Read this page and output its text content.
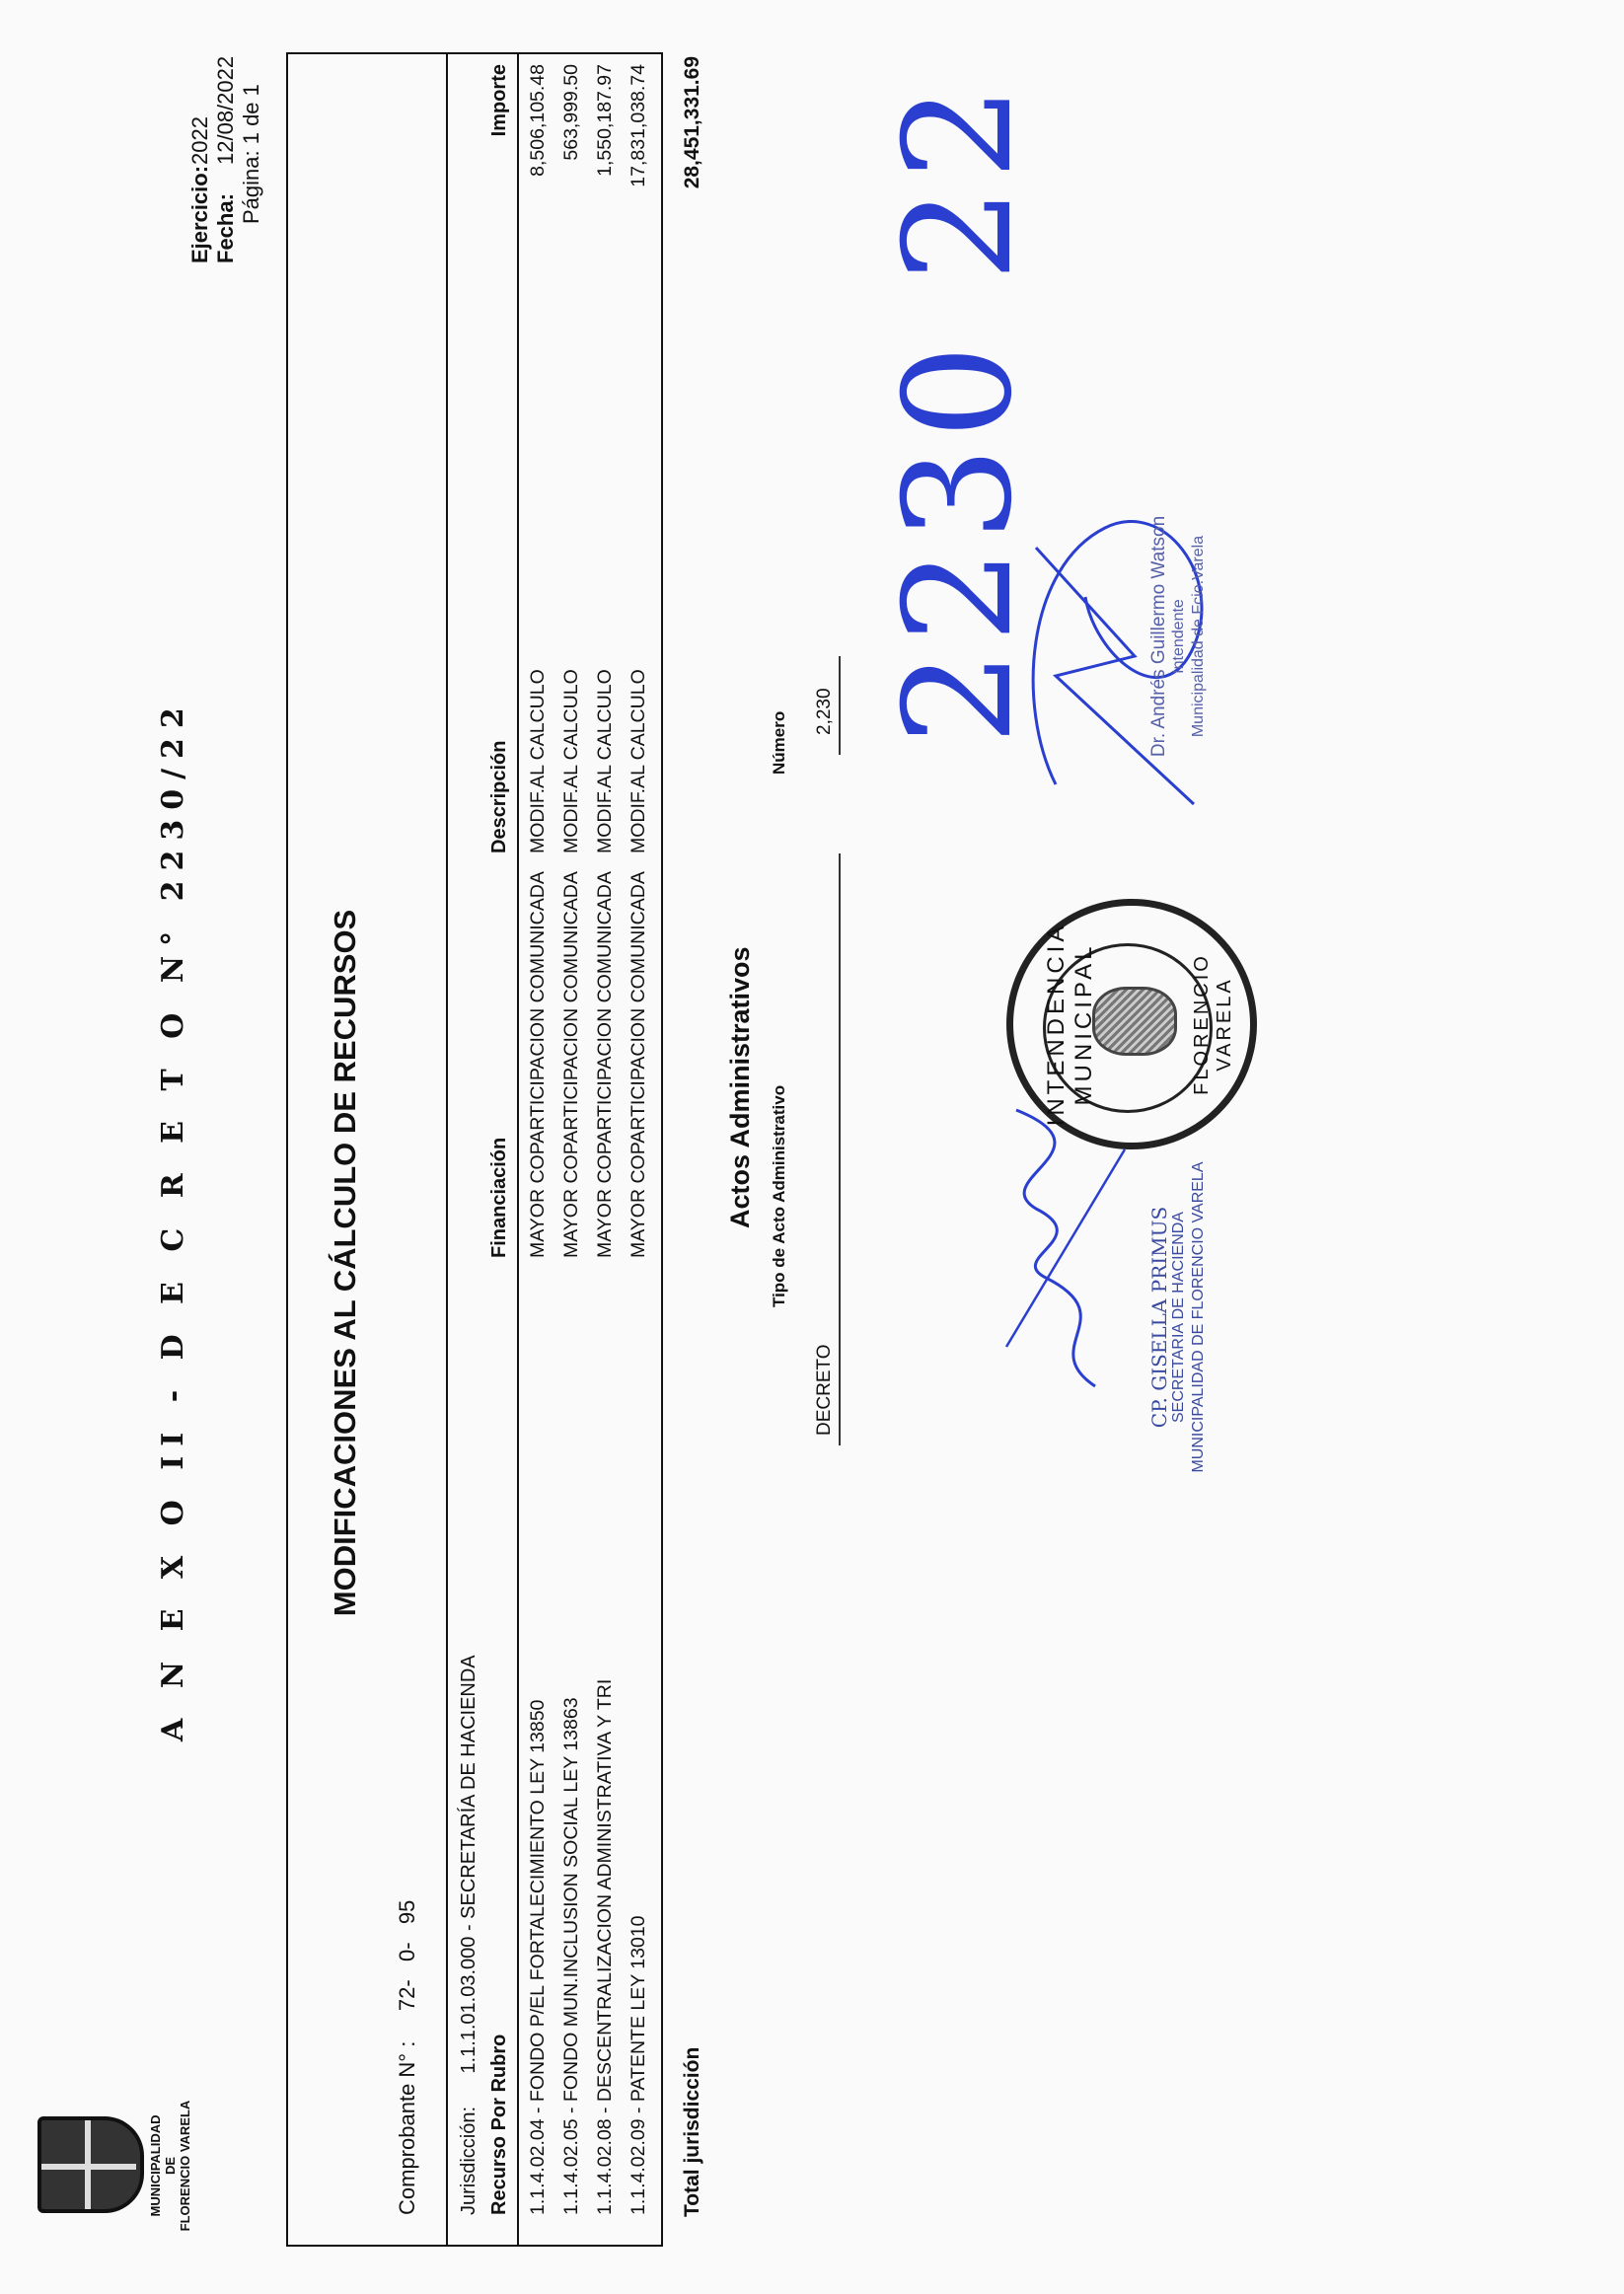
MUNICIPALIDAD DE FLORENCIO VARELA
A N E X O II - D E C R E T O N° 2230/22
Ejercicio:2022
Fecha:12/08/2022 Página: 1 de 1
MODIFICACIONES AL CÁLCULO DE RECURSOS
Comprobante N° :     72-   0-   95
Jurisdicción:      1.1.1.01.03.000 - SECRETARÍA DE HACIENDA
Recurso Por Rubro
Financiación
Descripción
Importe
1.1.4.02.04 - FONDO P/EL FORTALECIMIENTO LEY 13850
MAYOR COPARTICIPACION COMUNICADA
MODIF.AL CALCULO
8,506,105.48
1.1.4.02.05 - FONDO MUN.INCLUSION SOCIAL LEY 13863
MAYOR COPARTICIPACION COMUNICADA
MODIF.AL CALCULO
563,999.50
1.1.4.02.08 - DESCENTRALIZACION ADMINISTRATIVA Y TRI
MAYOR COPARTICIPACION COMUNICADA
MODIF.AL CALCULO
1,550,187.97
1.1.4.02.09 - PATENTE LEY 13010
MAYOR COPARTICIPACION COMUNICADA
MODIF.AL CALCULO
17,831,038.74
Total jurisdicción
28,451,331.69
Actos Administrativos Tipo de Acto Administrativo
Número
DECRETO
2,230 2230 22
INTENDENCIA MUNICIPAL	FLORENCIO VARELA
CP. GISELLA PRIMUS SECRETARIA DE HACIENDA MUNICIPALIDAD DE FLORENCIO VARELA
Dr. Andrés Guillermo Watson Intendente Municipalidad de Fcio.Varela
